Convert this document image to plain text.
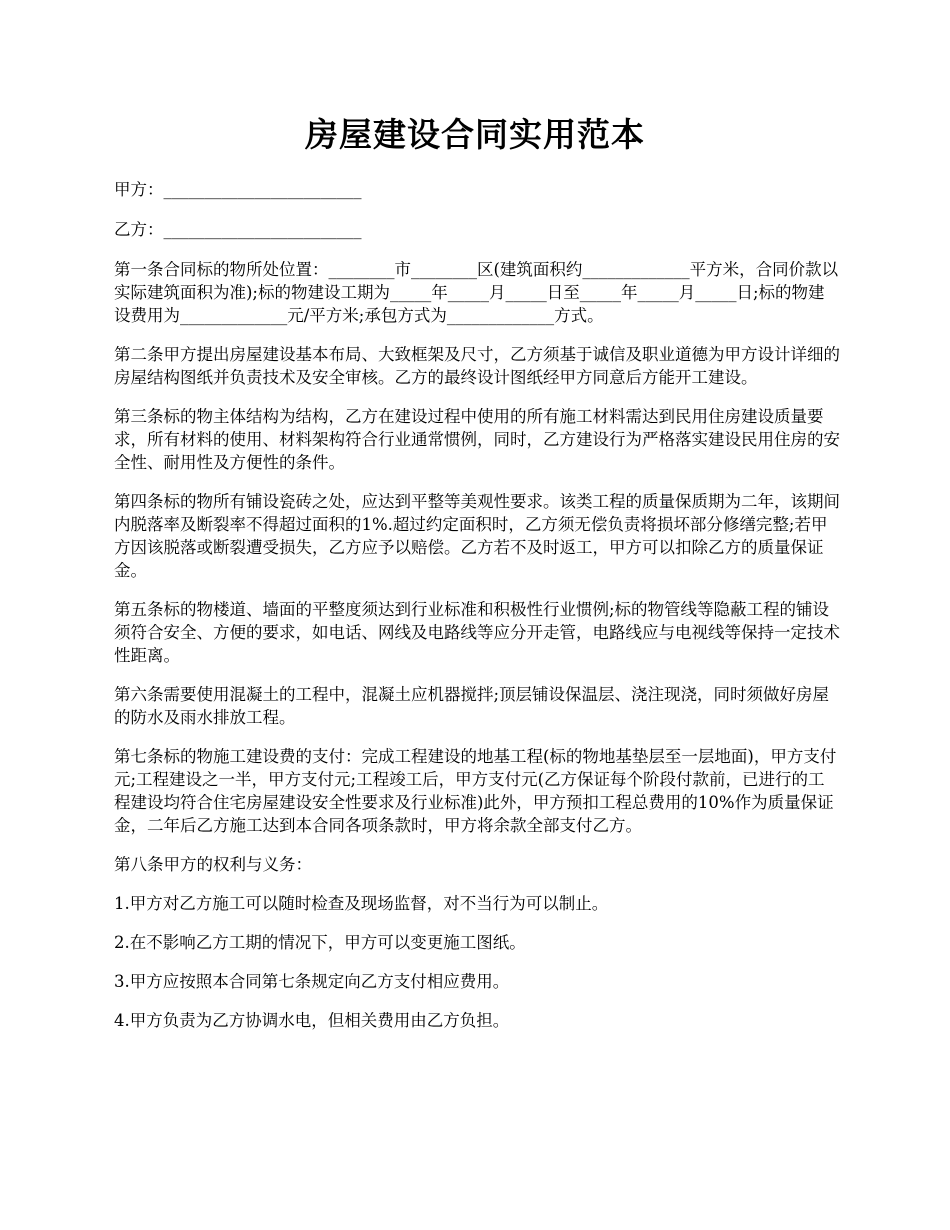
房屋建设合同实用范本

甲方：________________________

乙方：________________________

第一条合同标的物所处位置：________市________区(建筑面积约_____________平方米，合同价款以实际建筑面积为准);标的物建设工期为_____年_____月_____日至_____年_____月_____日;标的物建设费用为_____________元/平方米;承包方式为_____________方式。

第二条甲方提出房屋建设基本布局、大致框架及尺寸，乙方须基于诚信及职业道德为甲方设计详细的房屋结构图纸并负责技术及安全审核。乙方的最终设计图纸经甲方同意后方能开工建设。

第三条标的物主体结构为结构，乙方在建设过程中使用的所有施工材料需达到民用住房建设质量要求，所有材料的使用、材料架构符合行业通常惯例，同时，乙方建设行为严格落实建设民用住房的安全性、耐用性及方便性的条件。

第四条标的物所有铺设瓷砖之处，应达到平整等美观性要求。该类工程的质量保质期为二年，该期间内脱落率及断裂率不得超过面积的1%.超过约定面积时，乙方须无偿负责将损坏部分修缮完整;若甲方因该脱落或断裂遭受损失，乙方应予以赔偿。乙方若不及时返工，甲方可以扣除乙方的质量保证金。

第五条标的物楼道、墙面的平整度须达到行业标准和积极性行业惯例;标的物管线等隐蔽工程的铺设须符合安全、方便的要求，如电话、网线及电路线等应分开走管，电路线应与电视线等保持一定技术性距离。

第六条需要使用混凝土的工程中，混凝土应机器搅拌;顶层铺设保温层、浇注现浇，同时须做好房屋的防水及雨水排放工程。

第七条标的物施工建设费的支付：完成工程建设的地基工程(标的物地基垫层至一层地面)，甲方支付元;工程建设之一半，甲方支付元;工程竣工后，甲方支付元(乙方保证每个阶段付款前，已进行的工程建设均符合住宅房屋建设安全性要求及行业标准)此外，甲方预扣工程总费用的10%作为质量保证金，二年后乙方施工达到本合同各项条款时，甲方将余款全部支付乙方。

第八条甲方的权利与义务：

1.甲方对乙方施工可以随时检查及现场监督，对不当行为可以制止。

2.在不影响乙方工期的情况下，甲方可以变更施工图纸。

3.甲方应按照本合同第七条规定向乙方支付相应费用。

4.甲方负责为乙方协调水电，但相关费用由乙方负担。
